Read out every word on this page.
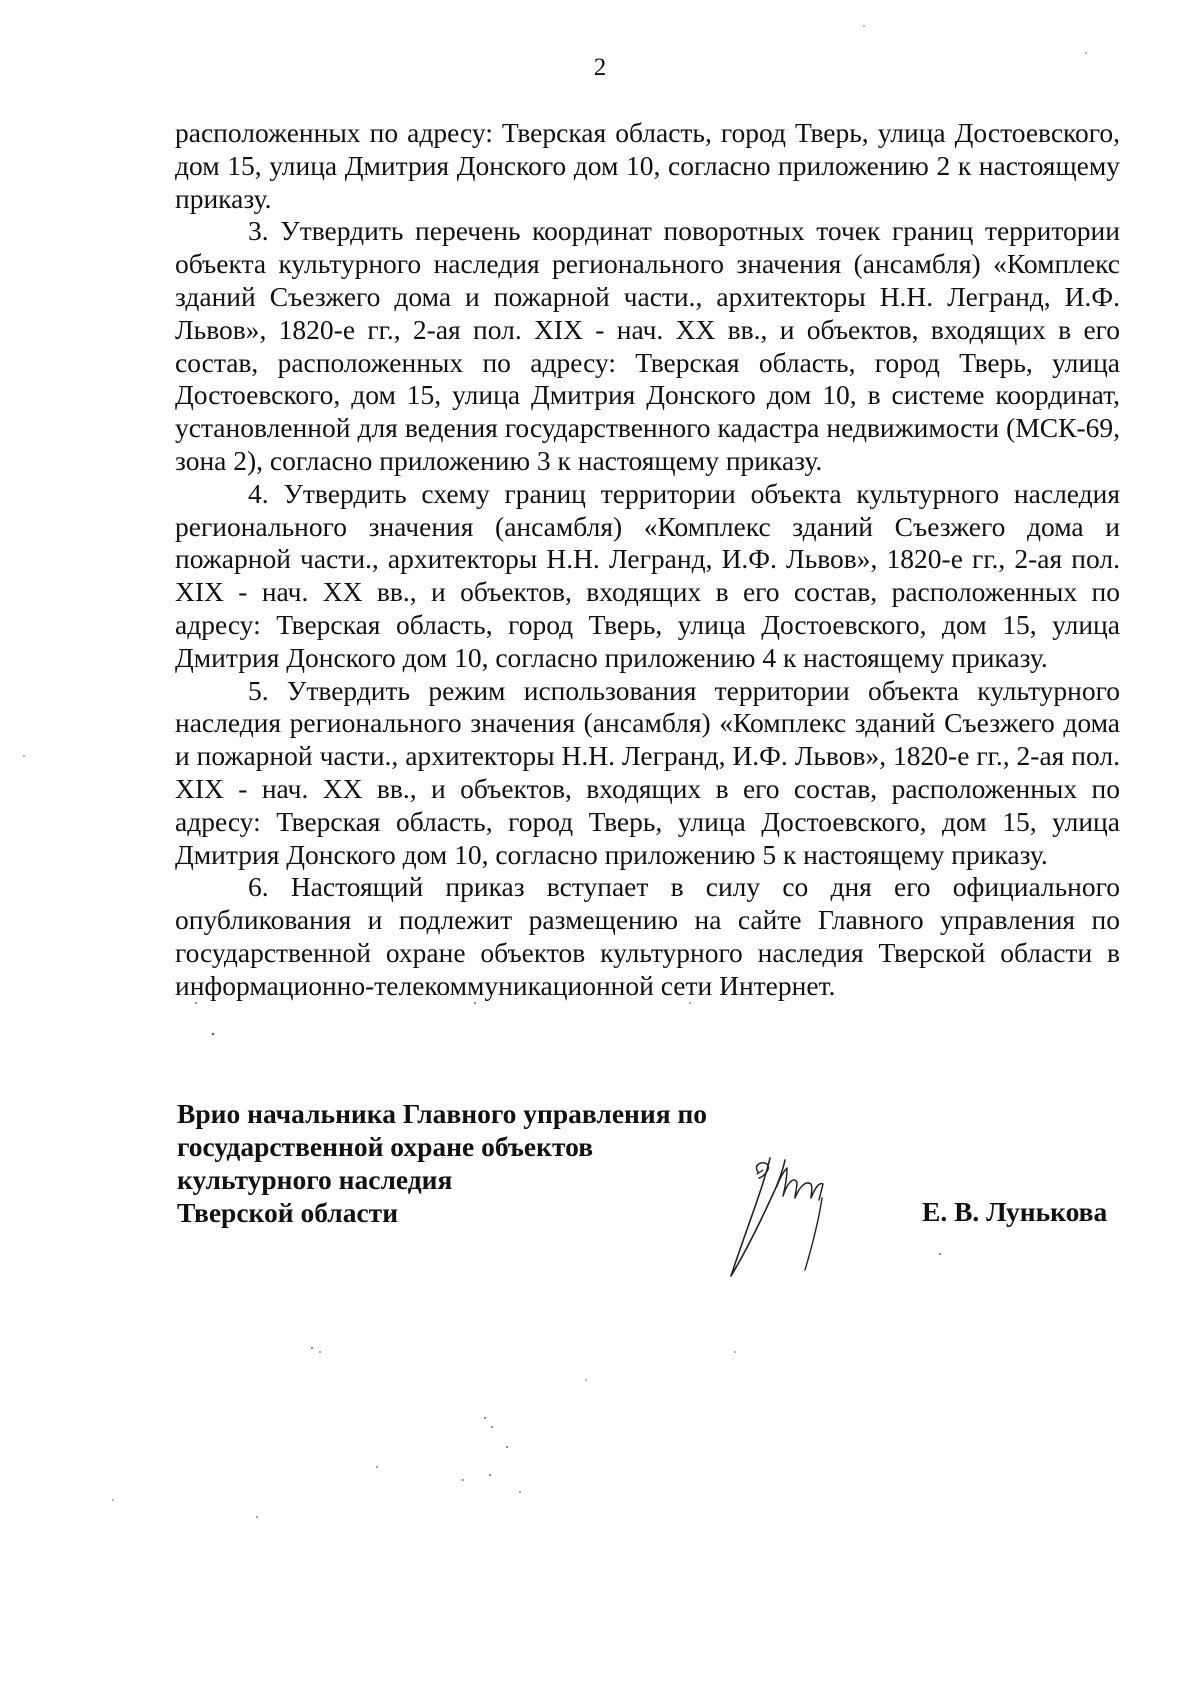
2

расположенных по адресу: Тверская область, город Тверь, улица Достоевского, дом 15, улица Дмитрия Донского дом 10, согласно приложению 2 к настоящему приказу.

3. Утвердить перечень координат поворотных точек границ территории объекта культурного наследия регионального значения (ансамбля) «Комплекс зданий Съезжего дома и пожарной части., архитекторы Н.Н. Легранд, И.Ф. Львов», 1820-е гг., 2-ая пол. XIX - нач. XX вв., и объектов, входящих в его состав, расположенных по адресу: Тверская область, город Тверь, улица Достоевского, дом 15, улица Дмитрия Донского дом 10, в системе координат, установленной для ведения государственного кадастра недвижимости (МСК-69, зона 2), согласно приложению 3 к настоящему приказу.

4. Утвердить схему границ территории объекта культурного наследия регионального значения (ансамбля) «Комплекс зданий Съезжего дома и пожарной части., архитекторы Н.Н. Легранд, И.Ф. Львов», 1820-е гг., 2-ая пол. XIX - нач. XX вв., и объектов, входящих в его состав, расположенных по адресу: Тверская область, город Тверь, улица Достоевского, дом 15, улица Дмитрия Донского дом 10, согласно приложению 4 к настоящему приказу.

5. Утвердить режим использования территории объекта культурного наследия регионального значения (ансамбля) «Комплекс зданий Съезжего дома и пожарной части., архитекторы Н.Н. Легранд, И.Ф. Львов», 1820-е гг., 2-ая пол. XIX - нач. XX вв., и объектов, входящих в его состав, расположенных по адресу: Тверская область, город Тверь, улица Достоевского, дом 15, улица Дмитрия Донского дом 10, согласно приложению 5 к настоящему приказу.

6. Настоящий приказ вступает в силу со дня его официального опубликования и подлежит размещению на сайте Главного управления по государственной охране объектов культурного наследия Тверской области в информационно-телекоммуникационной сети Интернет.

Врио начальника Главного управления по
государственной охране объектов
культурного наследия
Тверской области	Е. В. Лунькова
